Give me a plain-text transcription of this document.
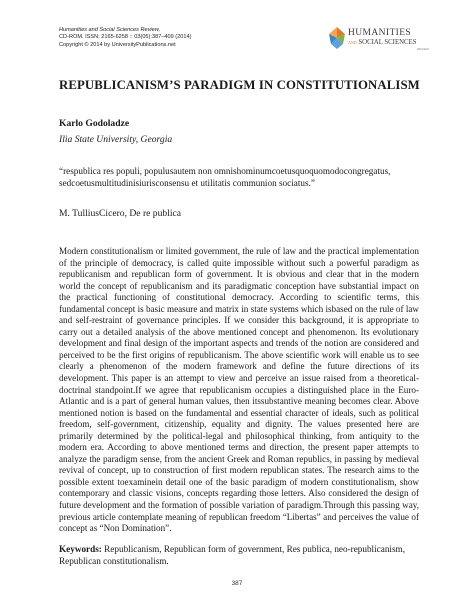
Humanities and Social Sciences Review,
CD-ROM. ISSN: 2165-6258 :: 03(05):387–409 (2014)
Copyright © 2014 by UniversityPublications.net
HUMANITIES
AND SOCIAL SCIENCES
REVIEW
REPUBLICANISM’S PARADIGM IN CONSTITUTIONALISM
Karlo Godoladze
Ilia State University, Georgia
“respublica res populi, populusautem non omnishominumcoetusquoquomodocongregatus, sedcoetusmultitudinisiurisconsensu et utilitatis communion sociatus.”
M. TulliusCicero, De re publica
Modern constitutionalism or limited government, the rule of law and the practical implementation of the principle of democracy, is called quite impossible without such a powerful paradigm as republicanism and republican form of government. It is obvious and clear that in the modern world the concept of republicanism and its paradigmatic conception have substantial impact on the practical functioning of constitutional democracy. According to scientific terms, this fundamental concept is basic measure and matrix in state systems which isbased on the rule of law and self-restraint of governance principles. If we consider this background, it is appropriate to carry out a detailed analysis of the above mentioned concept and phenomenon. Its evolutionary development and final design of the important aspects and trends of the notion are considered and perceived to be the first origins of republicanism. The above scientific work will enable us to see clearly a phenomenon of the modern framework and define the future directions of its development. This paper is an attempt to view and perceive an issue raised from a theoretical-doctrinal standpoint.If we agree that republicanism occupies a distinguished place in the Euro-Atlantic and is a part of general human values, then itssubstantive meaning becomes clear. Above mentioned notion is based on the fundamental and essential character of ideals, such as political freedom, self-government, citizenship, equality and dignity. The values presented here are primarily determined by the political-legal and philosophical thinking, from antiquity to the modern era. According to above mentioned terms and direction, the present paper attempts to analyze the paradigm sense, from the ancient Greek and Roman republics, in passing by medieval revival of concept, up to construction of first modern republican states. The research aims to the possible extent toexaminein detail one of the basic paradigm of modern constitutionalism, show contemporary and classic visions, concepts regarding those letters. Also considered the design of future development and the formation of possible variation of paradigm.Through this passing way, previous article contemplate meaning of republican freedom “Libertas” and perceives the value of concept as “Non Domination”.
Keywords: Republicanism, Republican form of government, Res publica, neo-republicanism, Republican constitutionalism.
387
